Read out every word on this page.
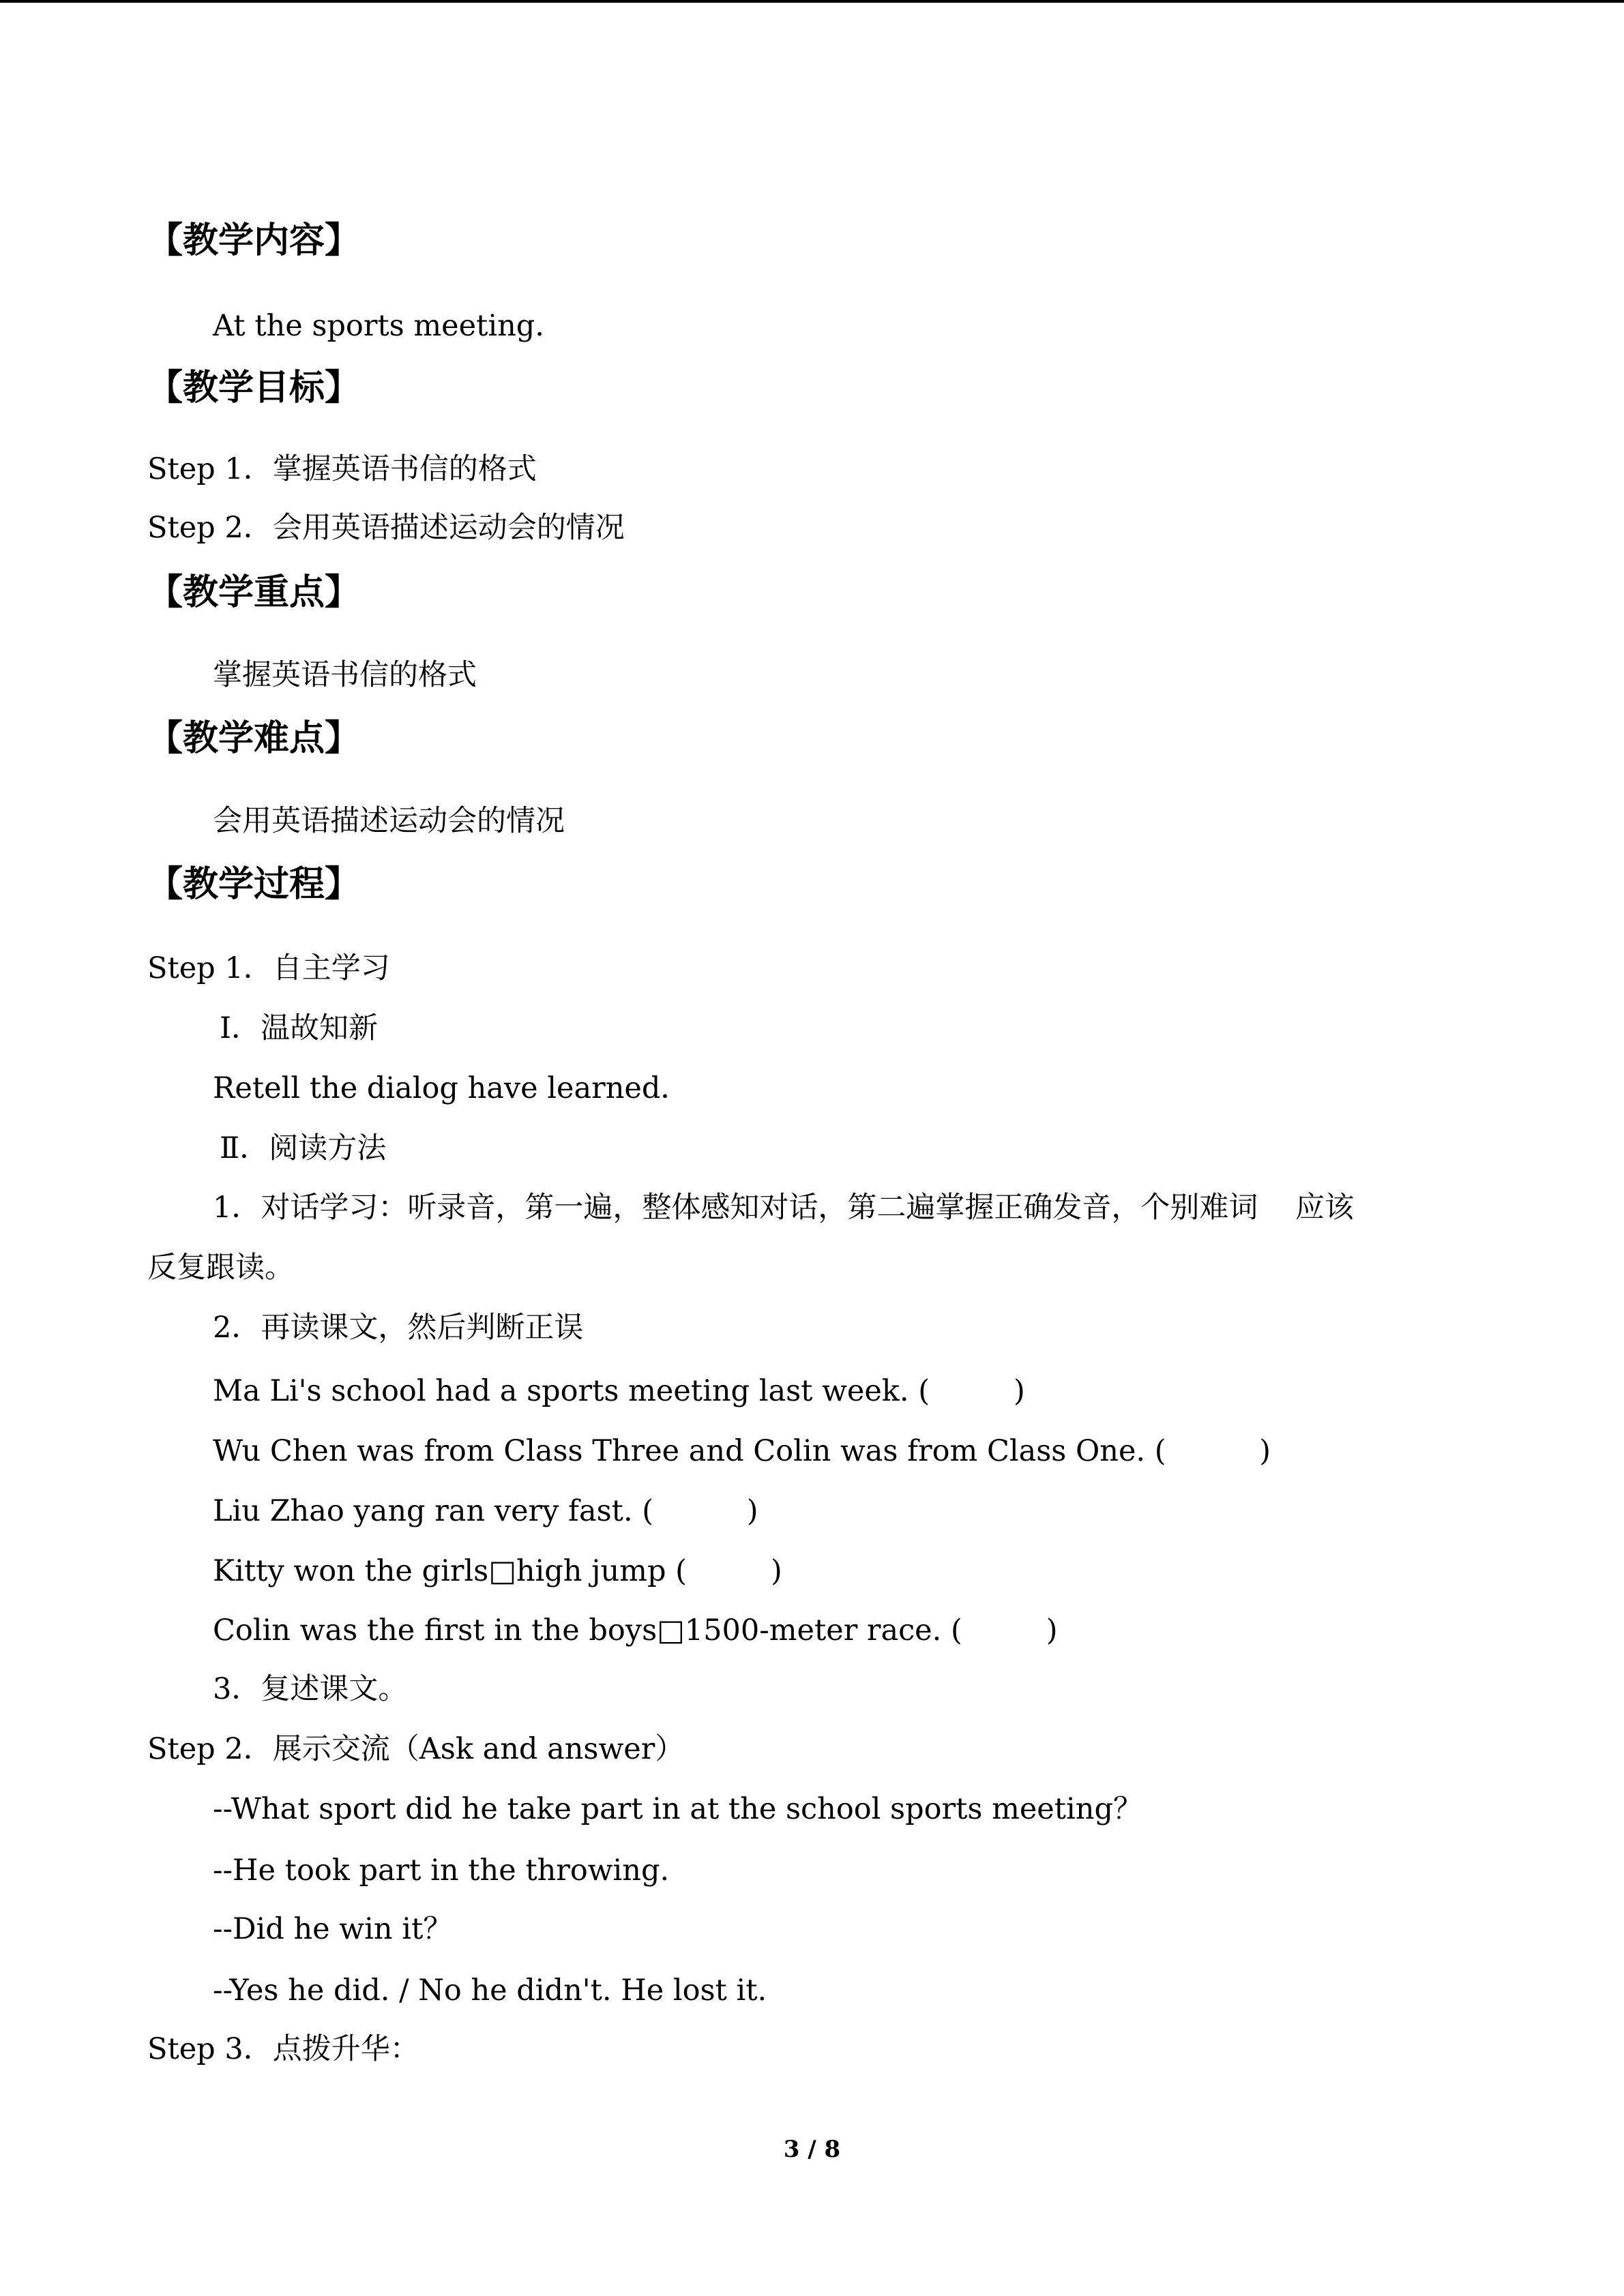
【教学内容】
At the sports meeting.
【教学目标】
Step 1．掌握英语书信的格式
Step 2．会用英语描述运动会的情况
【教学重点】
掌握英语书信的格式
【教学难点】
会用英语描述运动会的情况
【教学过程】
Step 1．自主学习
Ⅰ．温故知新
Retell the dialog have learned．
Ⅱ．阅读方法
1．对话学习：听录音，第一遍，整体感知对话，第二遍掌握正确发音，个别难词    应该
反复跟读。
2．再读课文，然后判断正误
Ma Li's school had a sports meeting last week. (         )
Wu Chen was from Class Three and Colin was from Class One. (          )
Liu Zhao yang ran very fast. (          )
Kitty won the girls□high jump (         )
Colin was the first in the boys□1500-meter race. (         )
3．复述课文。
Step 2．展示交流（Ask and answer）
--What sport did he take part in at the school sports meeting？
--He took part in the throwing.
--Did he win it？
--Yes he did. / No he didn't. He lost it.
Step 3．点拨升华：
3 / 8
